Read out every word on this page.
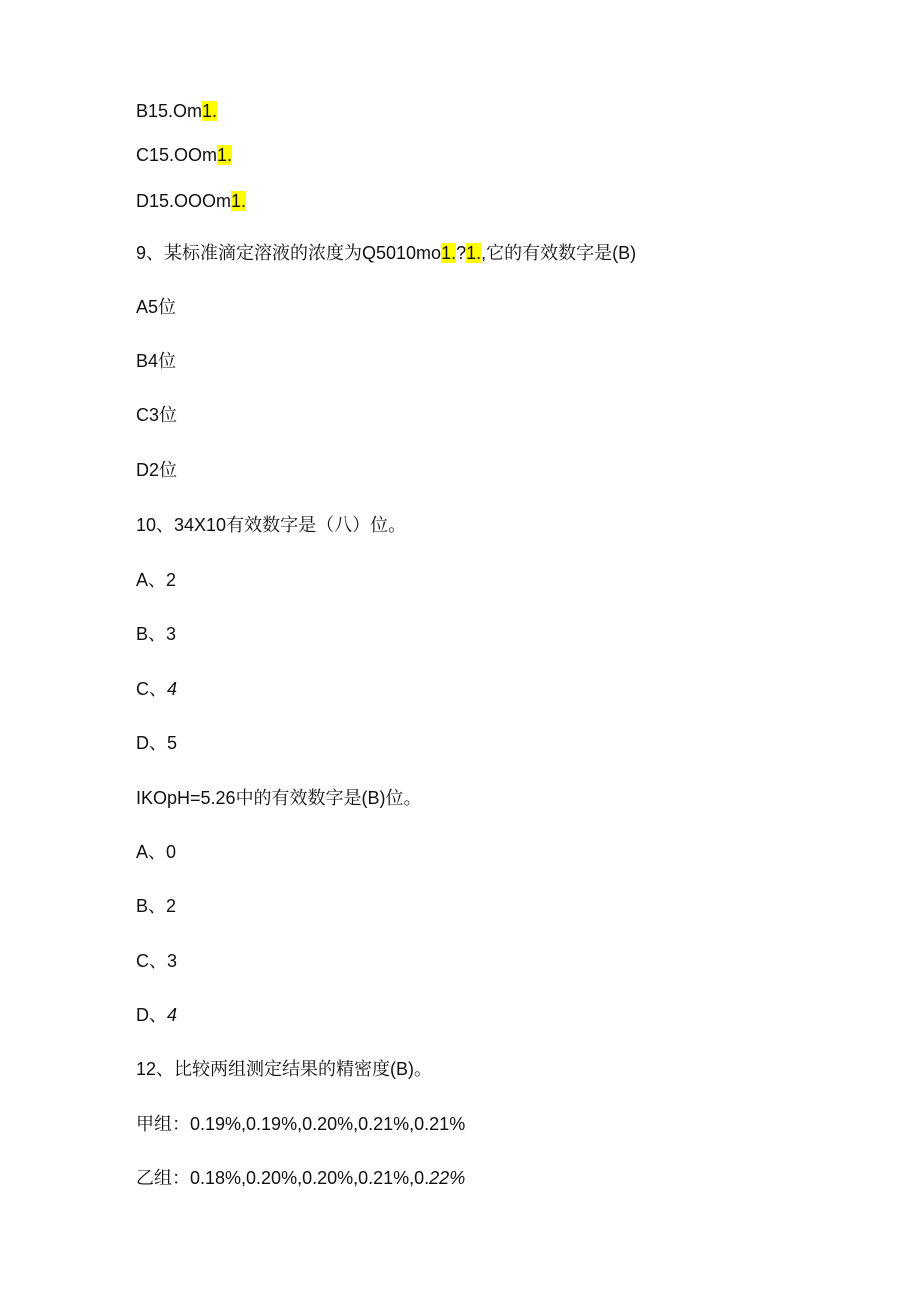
B15.Om1.
C15.OOm1.
D15.OOOm1.
9、某标准滴定溶液的浓度为Q5010mo1.?1.,它的有效数字是(B)
A5位
B4位
C3位
D2位
10、34X10有效数字是（八）位。
A、2
B、3
C、4
D、5
IKOpH=5.26中的有效数字是(B)位。
A、0
B、2
C、3
D、4
12、比较两组测定结果的精密度(B)。
甲组：0.19%,0.19%,0.20%,0.21%,0.21%
乙组：0.18%,0.20%,0.20%,0.21%,0.22%
